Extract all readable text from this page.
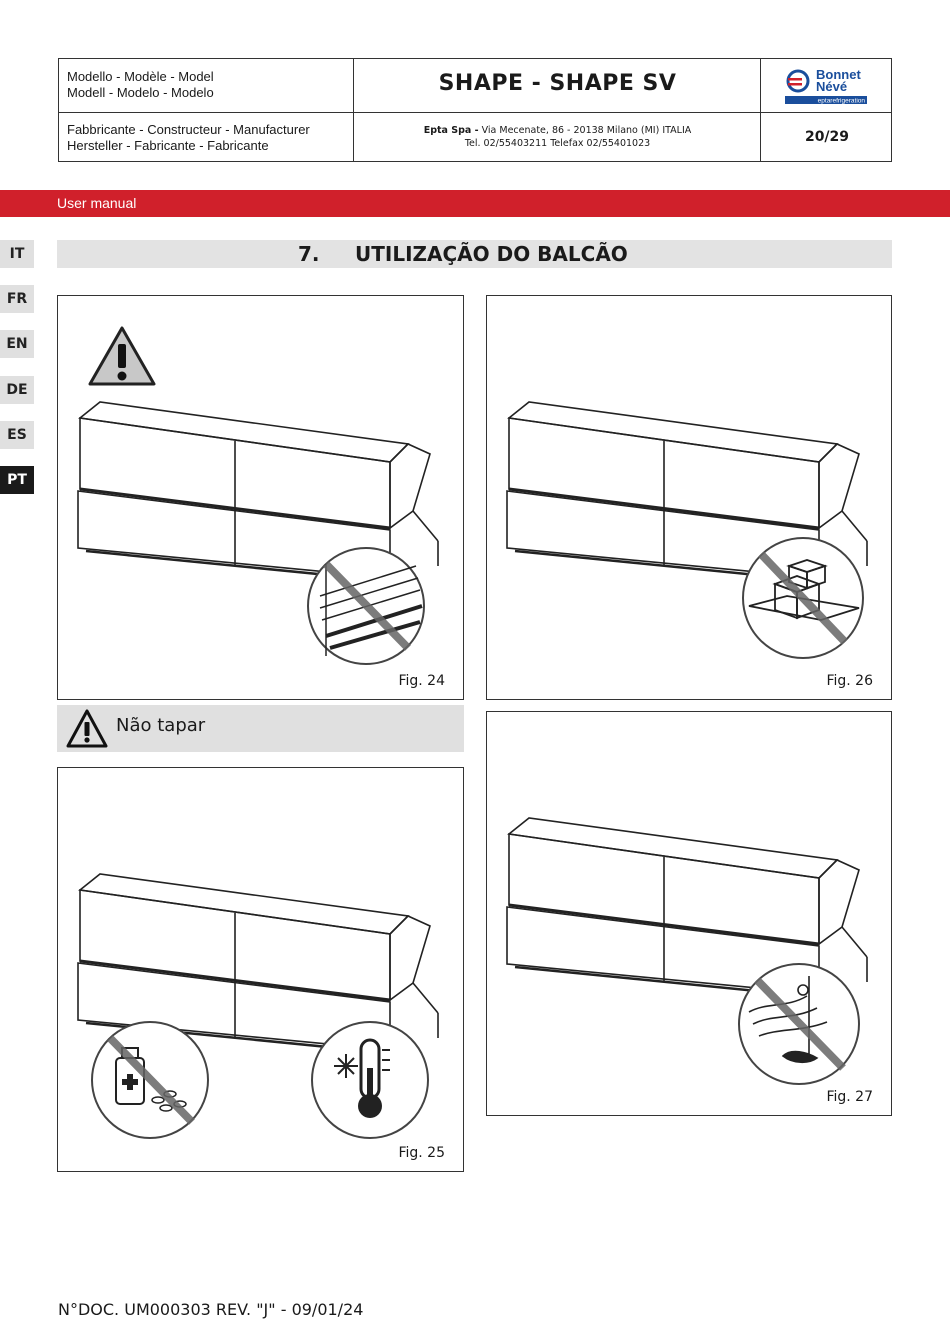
Modello - Modèle - Model
Modell - Modelo - Modelo	SHAPE - SHAPE SV
Fabbricante - Constructeur - Manufacturer
Hersteller - Fabricante - Fabricante
Epta Spa - Via Mecenate, 86 - 20138 Milano (MI) ITALIA
Tel. 02/55403211 Telefax 02/55401023	20/29
Bonnet
Névé
eptarefrigeration
User manual
IT
FR
EN
DE
ES
PT
7. UTILIZAÇÃO DO BALCÃO
Fig. 24
Não tapar
Fig. 25
Fig. 26
Fig. 27
N°DOC. UM000303 REV. "J" - 09/01/24
